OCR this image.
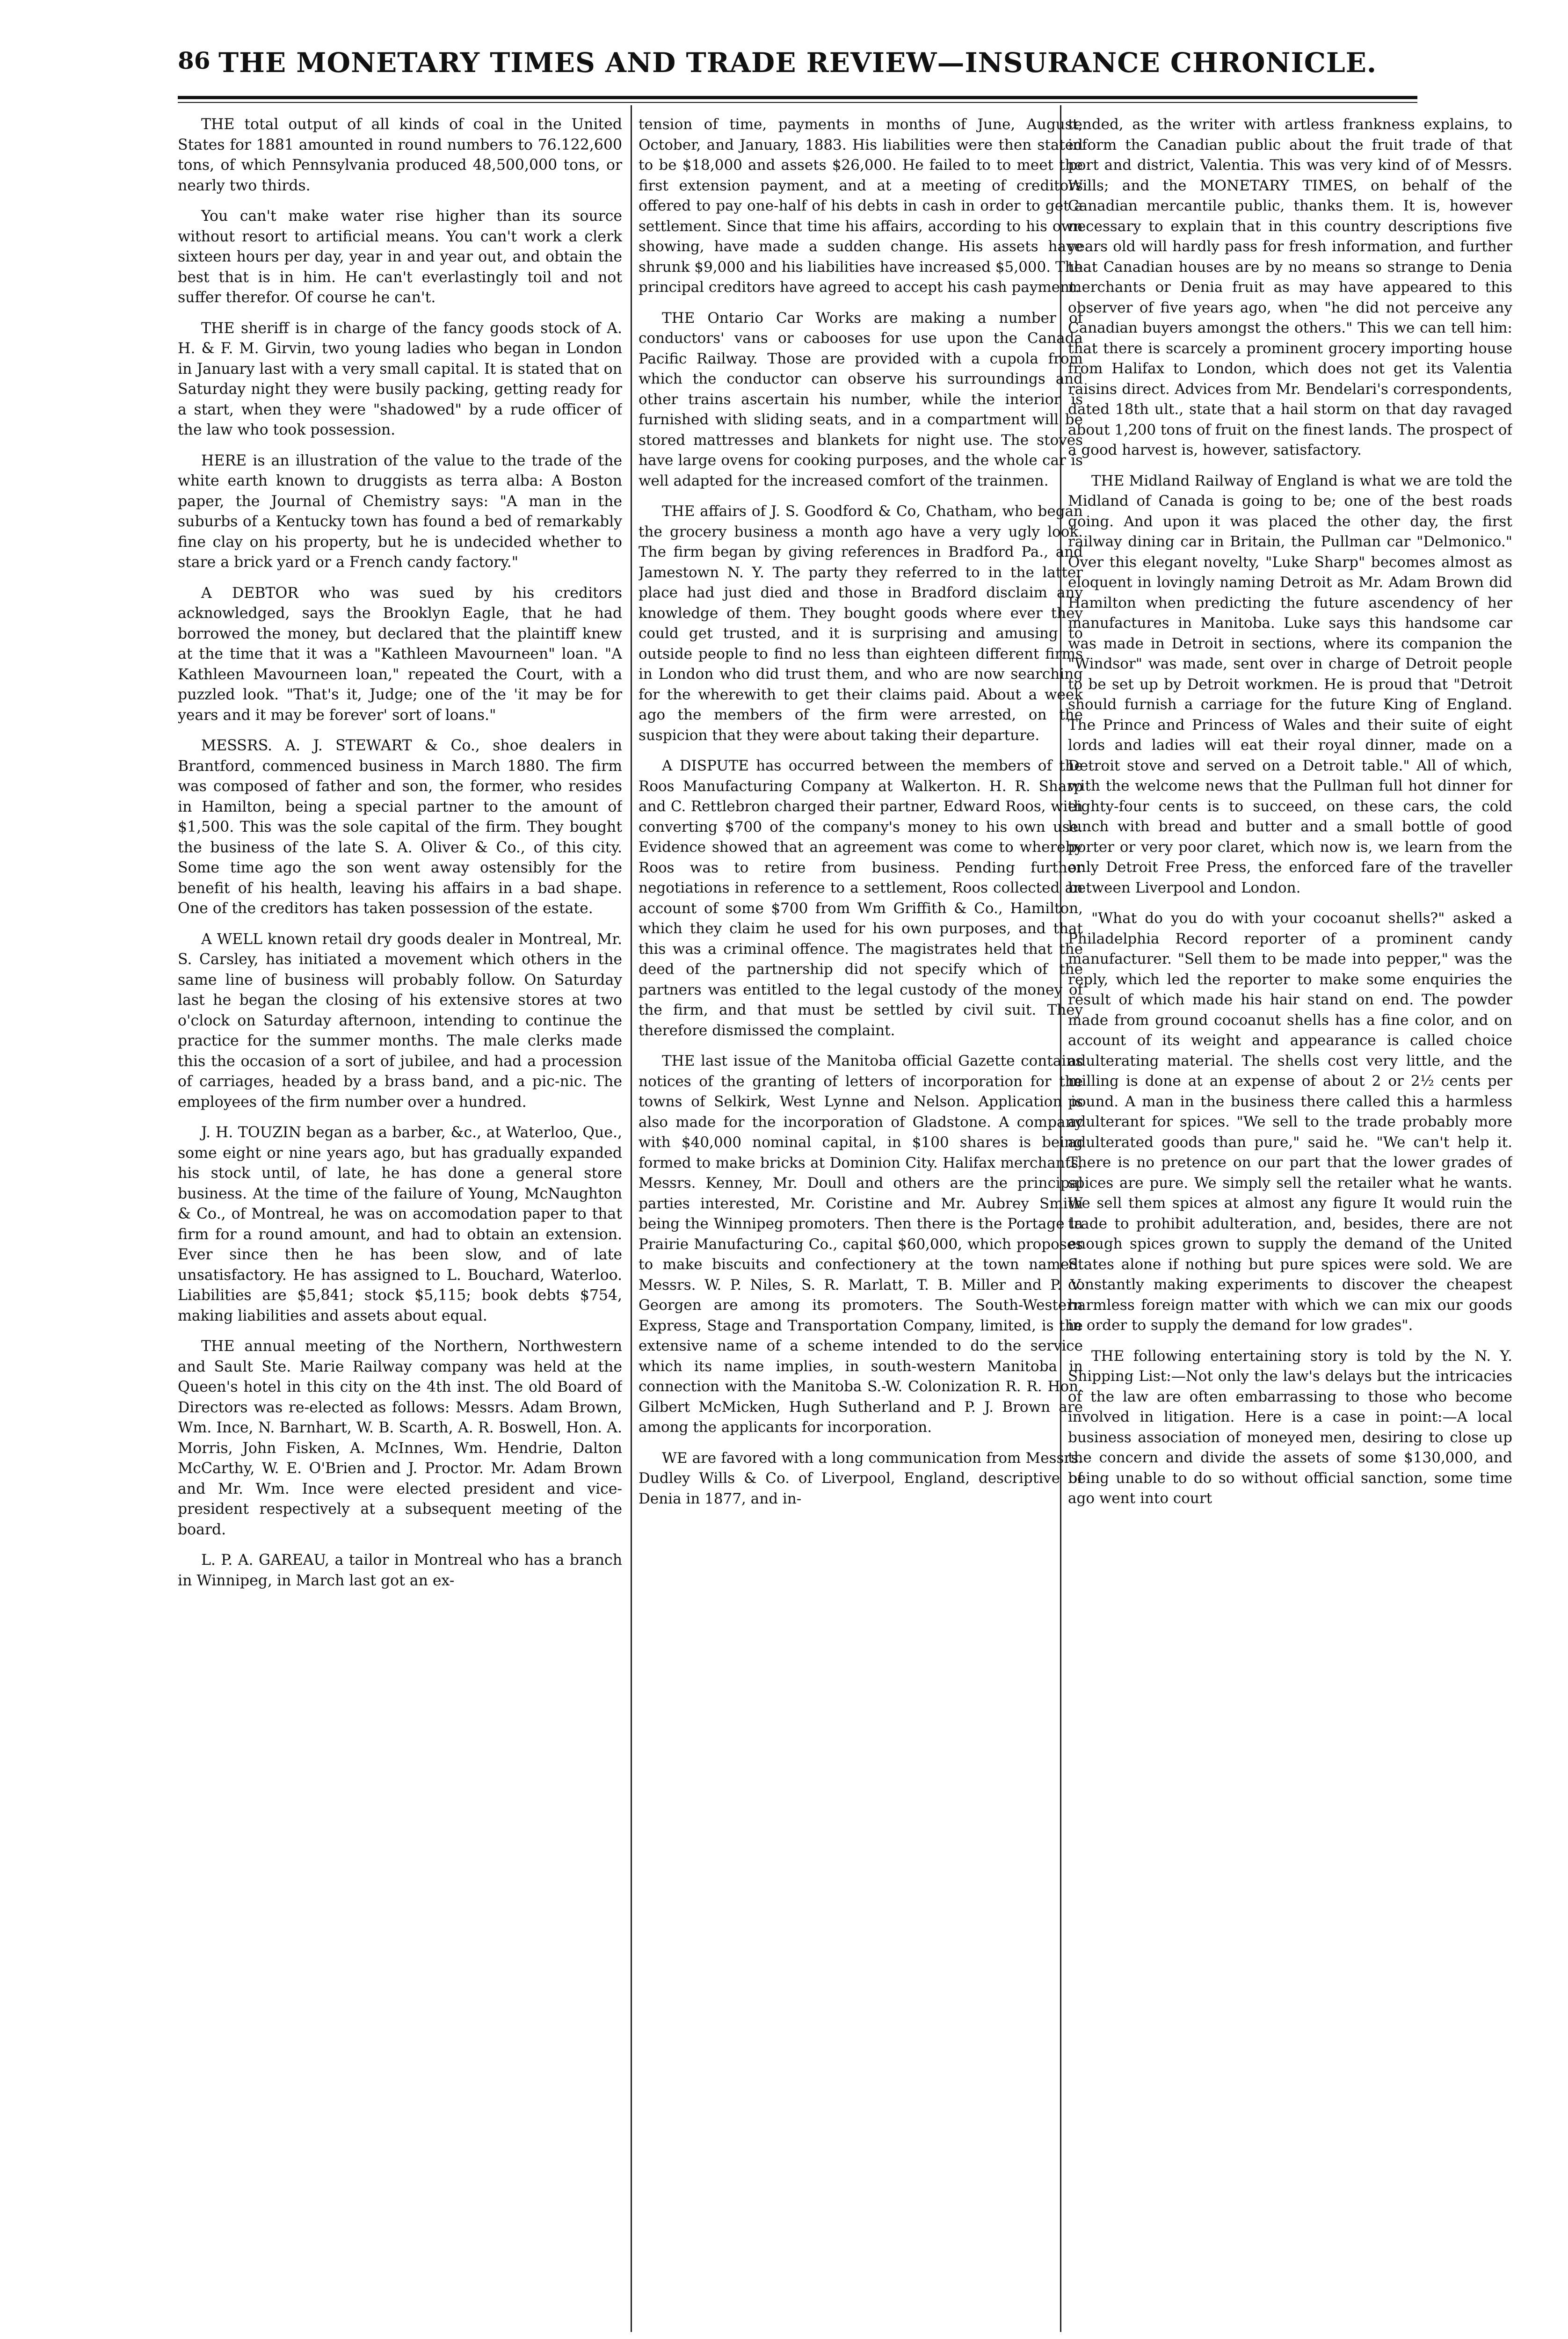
86 THE MONETARY TIMES AND TRADE REVIEW—INSURANCE CHRONICLE.

THE total output of all kinds of coal in the United States for 1881 amounted in round numbers to 76.122,600 tons, of which Pennsylvania produced 48,500,000 tons, or nearly two thirds.

You can't make water rise higher than its source without resort to artificial means. You can't work a clerk sixteen hours per day, year in and year out, and obtain the best that is in him. He can't everlastingly toil and not suffer therefor. Of course he can't.

THE sheriff is in charge of the fancy goods stock of A. H. & F. M. Girvin, two young ladies who began in London in January last with a very small capital. It is stated that on Saturday night they were busily packing, getting ready for a start, when they were "shadowed" by a rude officer of the law who took possession.

HERE is an illustration of the value to the trade of the white earth known to druggists as terra alba: A Boston paper, the Journal of Chemistry says: "A man in the suburbs of a Kentucky town has found a bed of remarkably fine clay on his property, but he is undecided whether to stare a brick yard or a French candy factory."

A DEBTOR who was sued by his creditors acknowledged, says the Brooklyn Eagle, that he had borrowed the money, but declared that the plaintiff knew at the time that it was a "Kathleen Mavourneen" loan. "A Kathleen Mavourneen loan," repeated the Court, with a puzzled look. "That's it, Judge; one of the 'it may be for years and it may be forever' sort of loans."

MESSRS. A. J. STEWART & Co., shoe dealers in Brantford, commenced business in March 1880. The firm was composed of father and son, the former, who resides in Hamilton, being a special partner to the amount of $1,500. This was the sole capital of the firm. They bought the business of the late S. A. Oliver & Co., of this city. Some time ago the son went away ostensibly for the benefit of his health, leaving his affairs in a bad shape. One of the creditors has taken possession of the estate.

A WELL known retail dry goods dealer in Montreal, Mr. S. Carsley, has initiated a movement which others in the same line of business will probably follow. On Saturday last he began the closing of his extensive stores at two o'clock on Saturday afternoon, intending to continue the practice for the summer months. The male clerks made this the occasion of a sort of jubilee, and had a procession of carriages, headed by a brass band, and a pic-nic. The employees of the firm number over a hundred.

J. H. TOUZIN began as a barber, &c., at Waterloo, Que., some eight or nine years ago, but has gradually expanded his stock until, of late, he has done a general store business. At the time of the failure of Young, McNaughton & Co., of Montreal, he was on accomodation paper to that firm for a round amount, and had to obtain an extension. Ever since then he has been slow, and of late unsatisfactory. He has assigned to L. Bouchard, Waterloo. Liabilities are $5,841; stock $5,115; book debts $754, making liabilities and assets about equal.

THE annual meeting of the Northern, Northwestern and Sault Ste. Marie Railway company was held at the Queen's hotel in this city on the 4th inst. The old Board of Directors was re-elected as follows: Messrs. Adam Brown, Wm. Ince, N. Barnhart, W. B. Scarth, A. R. Boswell, Hon. A. Morris, John Fisken, A. McInnes, Wm. Hendrie, Dalton McCarthy, W. E. O'Brien and J. Proctor. Mr. Adam Brown and Mr. Wm. Ince were elected president and vice-president respectively at a subsequent meeting of the board.

L. P. A. GAREAU, a tailor in Montreal who has a branch in Winnipeg, in March last got an ex-

tension of time, payments in months of June, August, October, and January, 1883. His liabilities were then stated to be $18,000 and assets $26,000. He failed to to meet the first extension payment, and at a meeting of creditors offered to pay one-half of his debts in cash in order to get a settlement. Since that time his affairs, according to his own showing, have made a sudden change. His assets have shrunk $9,000 and his liabilities have increased $5,000. The principal creditors have agreed to accept his cash payment.

THE Ontario Car Works are making a number of conductors' vans or cabooses for use upon the Canada Pacific Railway. Those are provided with a cupola from which the conductor can observe his surroundings and other trains ascertain his number, while the interior is furnished with sliding seats, and in a compartment will be stored mattresses and blankets for night use. The stoves have large ovens for cooking purposes, and the whole car is well adapted for the increased comfort of the trainmen.

THE affairs of J. S. Goodford & Co, Chatham, who began the grocery business a month ago have a very ugly look. The firm began by giving references in Bradford Pa., and Jamestown N. Y. The party they referred to in the latter place had just died and those in Bradford disclaim any knowledge of them. They bought goods where ever they could get trusted, and it is surprising and amusing to outside people to find no less than eighteen different firms in London who did trust them, and who are now searching for the wherewith to get their claims paid. About a week ago the members of the firm were arrested, on the suspicion that they were about taking their departure.

A DISPUTE has occurred between the members of the Roos Manufacturing Company at Walkerton. H. R. Sharp and C. Rettlebron charged their partner, Edward Roos, with converting $700 of the company's money to his own use. Evidence showed that an agreement was come to whereby Roos was to retire from business. Pending further negotiations in reference to a settlement, Roos collected an account of some $700 from Wm Griffith & Co., Hamilton, which they claim he used for his own purposes, and that this was a criminal offence. The magistrates held that the deed of the partnership did not specify which of the partners was entitled to the legal custody of the money of the firm, and that must be settled by civil suit. They therefore dismissed the complaint.

THE last issue of the Manitoba official Gazette contains notices of the granting of letters of incorporation for the towns of Selkirk, West Lynne and Nelson. Application is also made for the incorporation of Gladstone. A company with $40,000 nominal capital, in $100 shares is being formed to make bricks at Dominion City. Halifax merchants, Messrs. Kenney, Mr. Doull and others are the principal parties interested, Mr. Coristine and Mr. Aubrey Smith being the Winnipeg promoters. Then there is the Portage la Prairie Manufacturing Co., capital $60,000, which proposes to make biscuits and confectionery at the town named. Messrs. W. P. Niles, S. R. Marlatt, T. B. Miller and P. V. Georgen are among its promoters. The South-Western Express, Stage and Transportation Company, limited, is the extensive name of a scheme intended to do the service which its name implies, in south-western Manitoba in connection with the Manitoba S.-W. Colonization R. R. Hon. Gilbert McMicken, Hugh Sutherland and P. J. Brown are among the applicants for incorporation.

WE are favored with a long communication from Messrs. Dudley Wills & Co. of Liverpool, England, descriptive of Denia in 1877, and in-

tended, as the writer with artless frankness explains, to inform the Canadian public about the fruit trade of that port and district, Valentia. This was very kind of of Messrs. Wills; and the MONETARY TIMES, on behalf of the Canadian mercantile public, thanks them. It is, however necessary to explain that in this country descriptions five years old will hardly pass for fresh information, and further that Canadian houses are by no means so strange to Denia merchants or Denia fruit as may have appeared to this observer of five years ago, when "he did not perceive any Canadian buyers amongst the others." This we can tell him: that there is scarcely a prominent grocery importing house from Halifax to London, which does not get its Valentia raisins direct. Advices from Mr. Bendelari's correspondents, dated 18th ult., state that a hail storm on that day ravaged about 1,200 tons of fruit on the finest lands. The prospect of a good harvest is, however, satisfactory.

THE Midland Railway of England is what we are told the Midland of Canada is going to be; one of the best roads going. And upon it was placed the other day, the first railway dining car in Britain, the Pullman car "Delmonico." Over this elegant novelty, "Luke Sharp" becomes almost as eloquent in lovingly naming Detroit as Mr. Adam Brown did Hamilton when predicting the future ascendency of her manufactures in Manitoba. Luke says this handsome car was made in Detroit in sections, where its companion the "Windsor" was made, sent over in charge of Detroit people to be set up by Detroit workmen. He is proud that "Detroit should furnish a carriage for the future King of England. The Prince and Princess of Wales and their suite of eight lords and ladies will eat their royal dinner, made on a Detroit stove and served on a Detroit table." All of which, with the welcome news that the Pullman full hot dinner for eighty-four cents is to succeed, on these cars, the cold lunch with bread and butter and a small bottle of good porter or very poor claret, which now is, we learn from the only Detroit Free Press, the enforced fare of the traveller between Liverpool and London.

"What do you do with your cocoanut shells?" asked a Philadelphia Record reporter of a prominent candy manufacturer. "Sell them to be made into pepper," was the reply, which led the reporter to make some enquiries the result of which made his hair stand on end. The powder made from ground cocoanut shells has a fine color, and on account of its weight and appearance is called choice adulterating material. The shells cost very little, and the milling is done at an expense of about 2 or 2½ cents per pound. A man in the business there called this a harmless adulterant for spices. "We sell to the trade probably more adulterated goods than pure," said he. "We can't help it. There is no pretence on our part that the lower grades of spices are pure. We simply sell the retailer what he wants. We sell them spices at almost any figure It would ruin the trade to prohibit adulteration, and, besides, there are not enough spices grown to supply the demand of the United States alone if nothing but pure spices were sold. We are constantly making experiments to discover the cheapest harmless foreign matter with which we can mix our goods in order to supply the demand for low grades".

THE following entertaining story is told by the N. Y. Shipping List:—Not only the law's delays but the intricacies of the law are often embarrassing to those who become involved in litigation. Here is a case in point:—A local business association of moneyed men, desiring to close up the concern and divide the assets of some $130,000, and being unable to do so without official sanction, some time ago went into court
